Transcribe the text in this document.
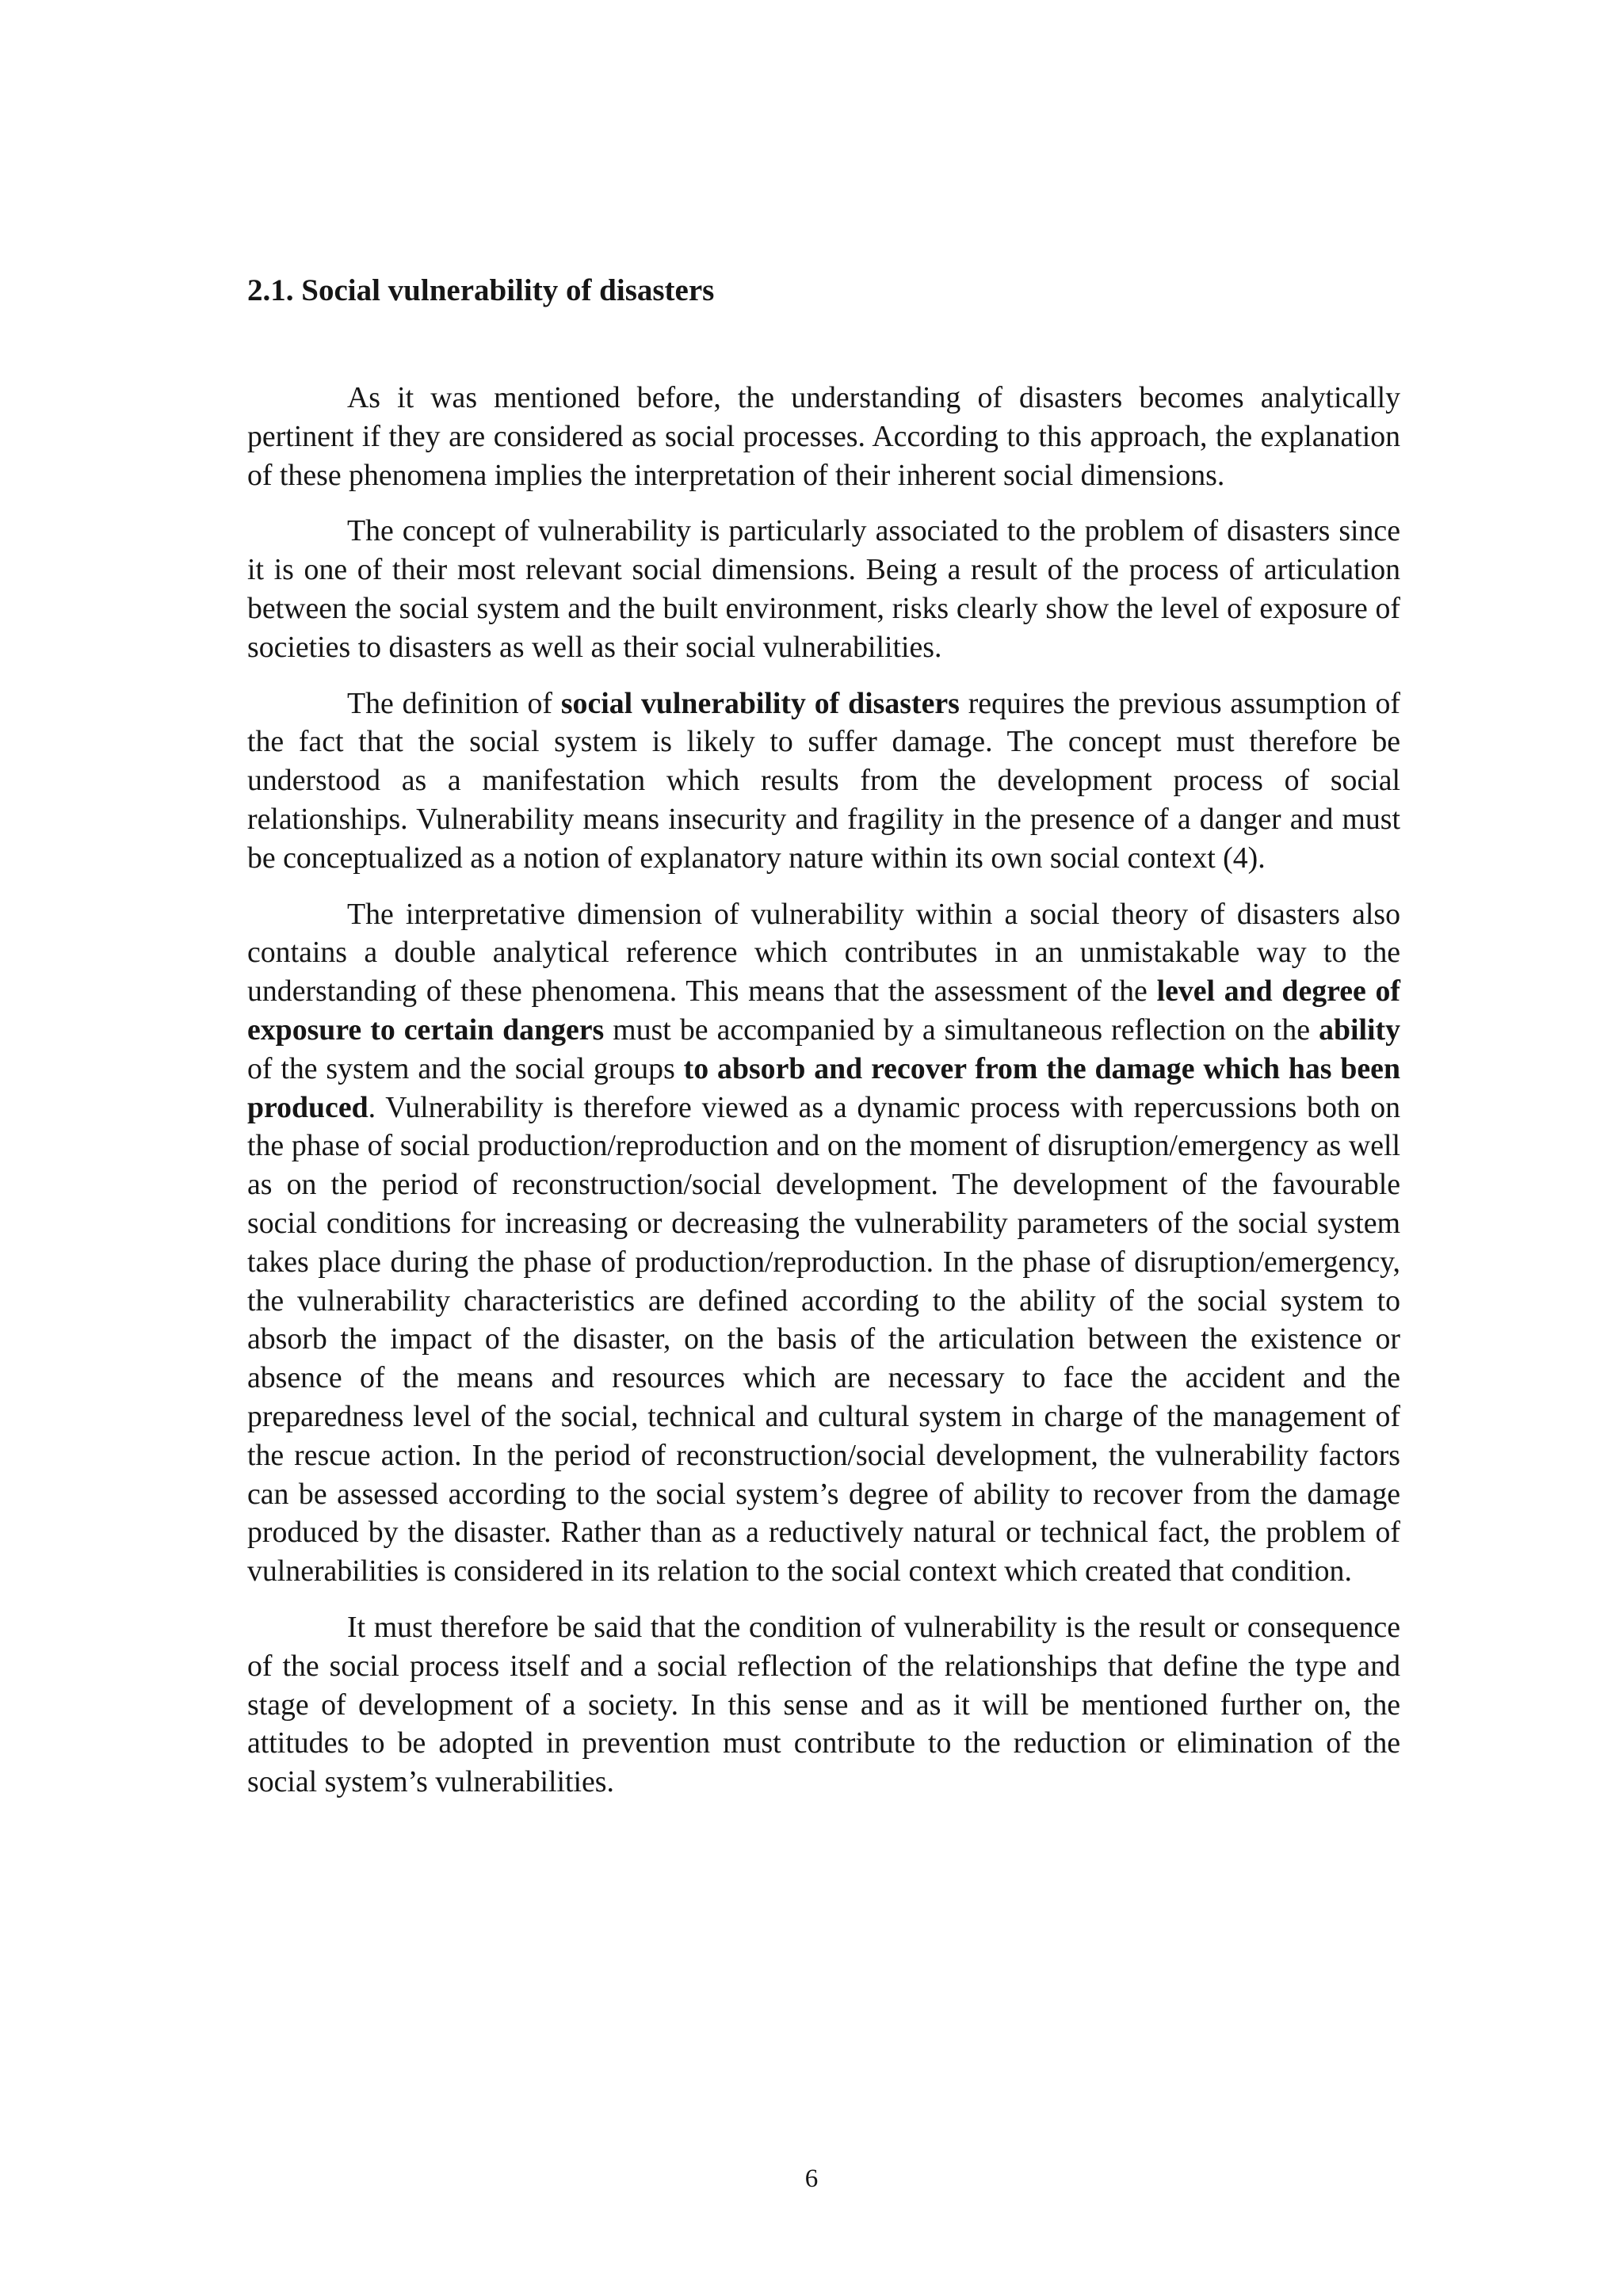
2.1. Social vulnerability of disasters

As it was mentioned before, the understanding of disasters becomes analytically pertinent if they are considered as social processes. According to this approach, the explanation of these phenomena implies the interpretation of their inherent social dimensions.

The concept of vulnerability is particularly associated to the problem of disasters since it is one of their most relevant social dimensions. Being a result of the process of articulation between the social system and the built environment, risks clearly show the level of exposure of societies to disasters as well as their social vulnerabilities.

The definition of social vulnerability of disasters requires the previous assumption of the fact that the social system is likely to suffer damage. The concept must therefore be understood as a manifestation which results from the development process of social relationships. Vulnerability means insecurity and fragility in the presence of a danger and must be conceptualized as a notion of explanatory nature within its own social context (4).

The interpretative dimension of vulnerability within a social theory of disasters also contains a double analytical reference which contributes in an unmistakable way to the understanding of these phenomena. This means that the assessment of the level and degree of exposure to certain dangers must be accompanied by a simultaneous reflection on the ability of the system and the social groups to absorb and recover from the damage which has been produced. Vulnerability is therefore viewed as a dynamic process with repercussions both on the phase of social production/reproduction and on the moment of disruption/emergency as well as on the period of reconstruction/social development. The development of the favourable social conditions for increasing or decreasing the vulnerability parameters of the social system takes place during the phase of production/reproduction. In the phase of disruption/emergency, the vulnerability characteristics are defined according to the ability of the social system to absorb the impact of the disaster, on the basis of the articulation between the existence or absence of the means and resources which are necessary to face the accident and the preparedness level of the social, technical and cultural system in charge of the management of the rescue action. In the period of reconstruction/social development, the vulnerability factors can be assessed according to the social system’s degree of ability to recover from the damage produced by the disaster. Rather than as a reductively natural or technical fact, the problem of vulnerabilities is considered in its relation to the social context which created that condition.

It must therefore be said that the condition of vulnerability is the result or consequence of the social process itself and a social reflection of the relationships that define the type and stage of development of a society. In this sense and as it will be mentioned further on, the attitudes to be adopted in prevention must contribute to the reduction or elimination of the social system’s vulnerabilities.

6
